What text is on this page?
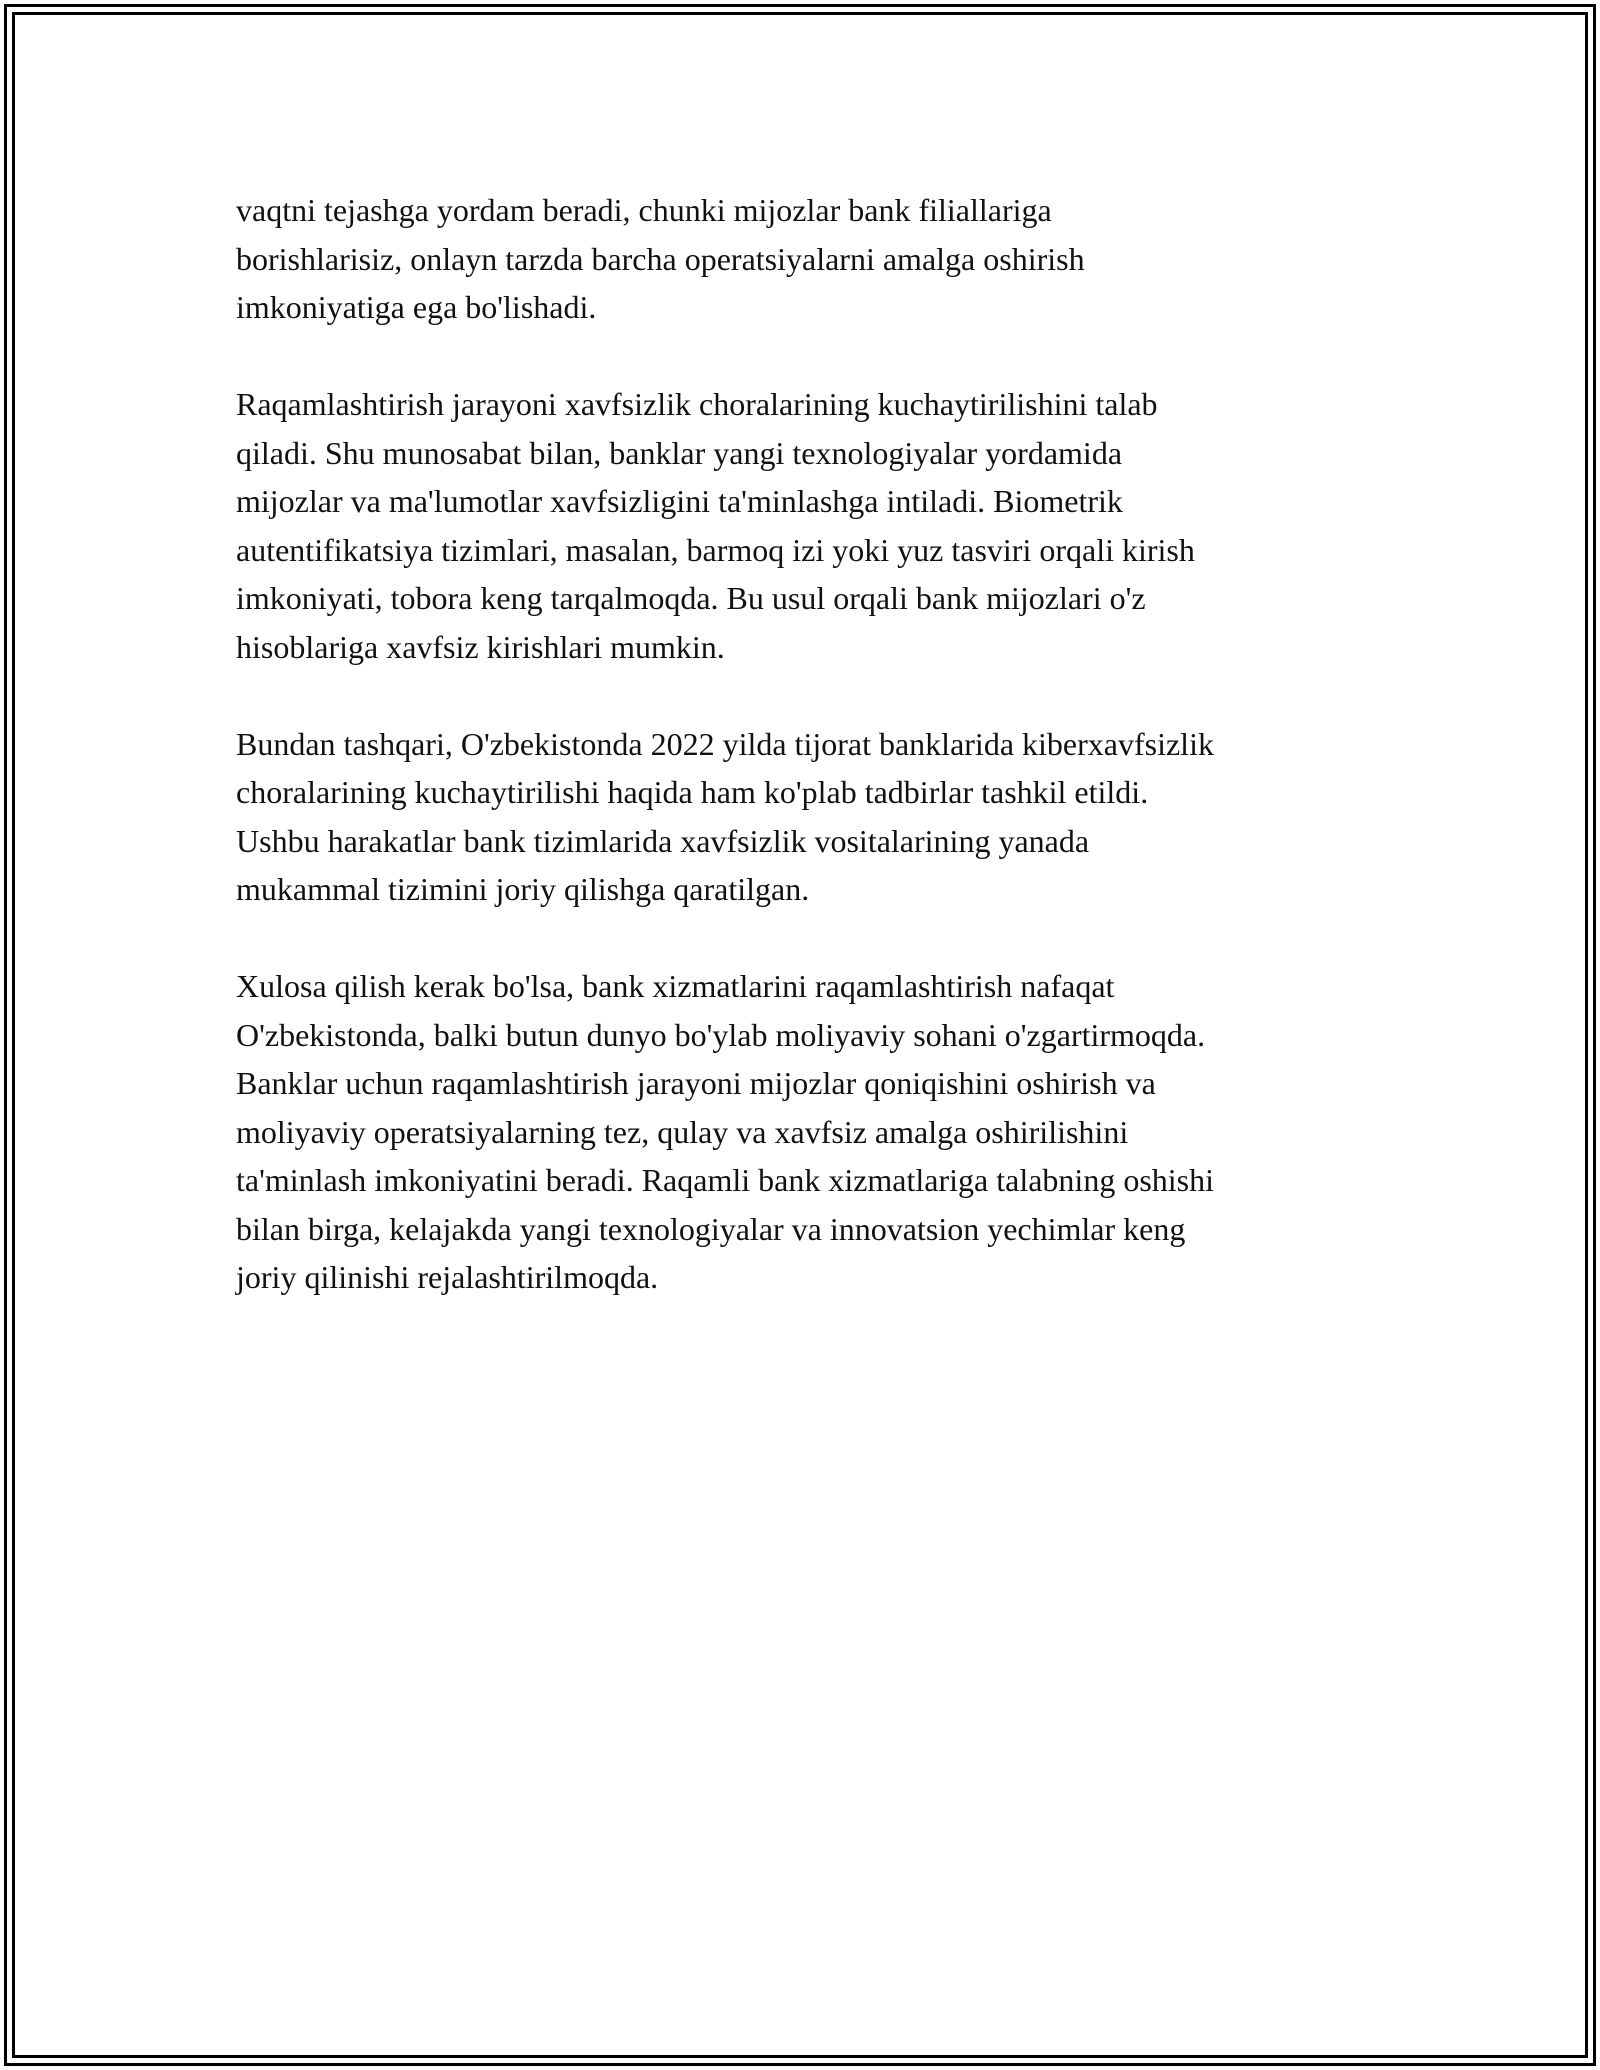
vaqtni tejashga yordam beradi, chunki mijozlar bank filiallariga
borishlarisiz, onlayn tarzda barcha operatsiyalarni amalga oshirish
imkoniyatiga ega bo'lishadi.

Raqamlashtirish jarayoni xavfsizlik choralarining kuchaytirilishini talab
qiladi. Shu munosabat bilan, banklar yangi texnologiyalar yordamida
mijozlar va ma'lumotlar xavfsizligini ta'minlashga intiladi. Biometrik
autentifikatsiya tizimlari, masalan, barmoq izi yoki yuz tasviri orqali kirish
imkoniyati, tobora keng tarqalmoqda. Bu usul orqali bank mijozlari o'z
hisoblariga xavfsiz kirishlari mumkin.

Bundan tashqari, O'zbekistonda 2022 yilda tijorat banklarida kiberxavfsizlik
choralarining kuchaytirilishi haqida ham ko'plab tadbirlar tashkil etildi.
Ushbu harakatlar bank tizimlarida xavfsizlik vositalarining yanada
mukammal tizimini joriy qilishga qaratilgan.

Xulosa qilish kerak bo'lsa, bank xizmatlarini raqamlashtirish nafaqat
O'zbekistonda, balki butun dunyo bo'ylab moliyaviy sohani o'zgartirmoqda.
Banklar uchun raqamlashtirish jarayoni mijozlar qoniqishini oshirish va
moliyaviy operatsiyalarning tez, qulay va xavfsiz amalga oshirilishini
ta'minlash imkoniyatini beradi. Raqamli bank xizmatlariga talabning oshishi
bilan birga, kelajakda yangi texnologiyalar va innovatsion yechimlar keng
joriy qilinishi rejalashtirilmoqda.
